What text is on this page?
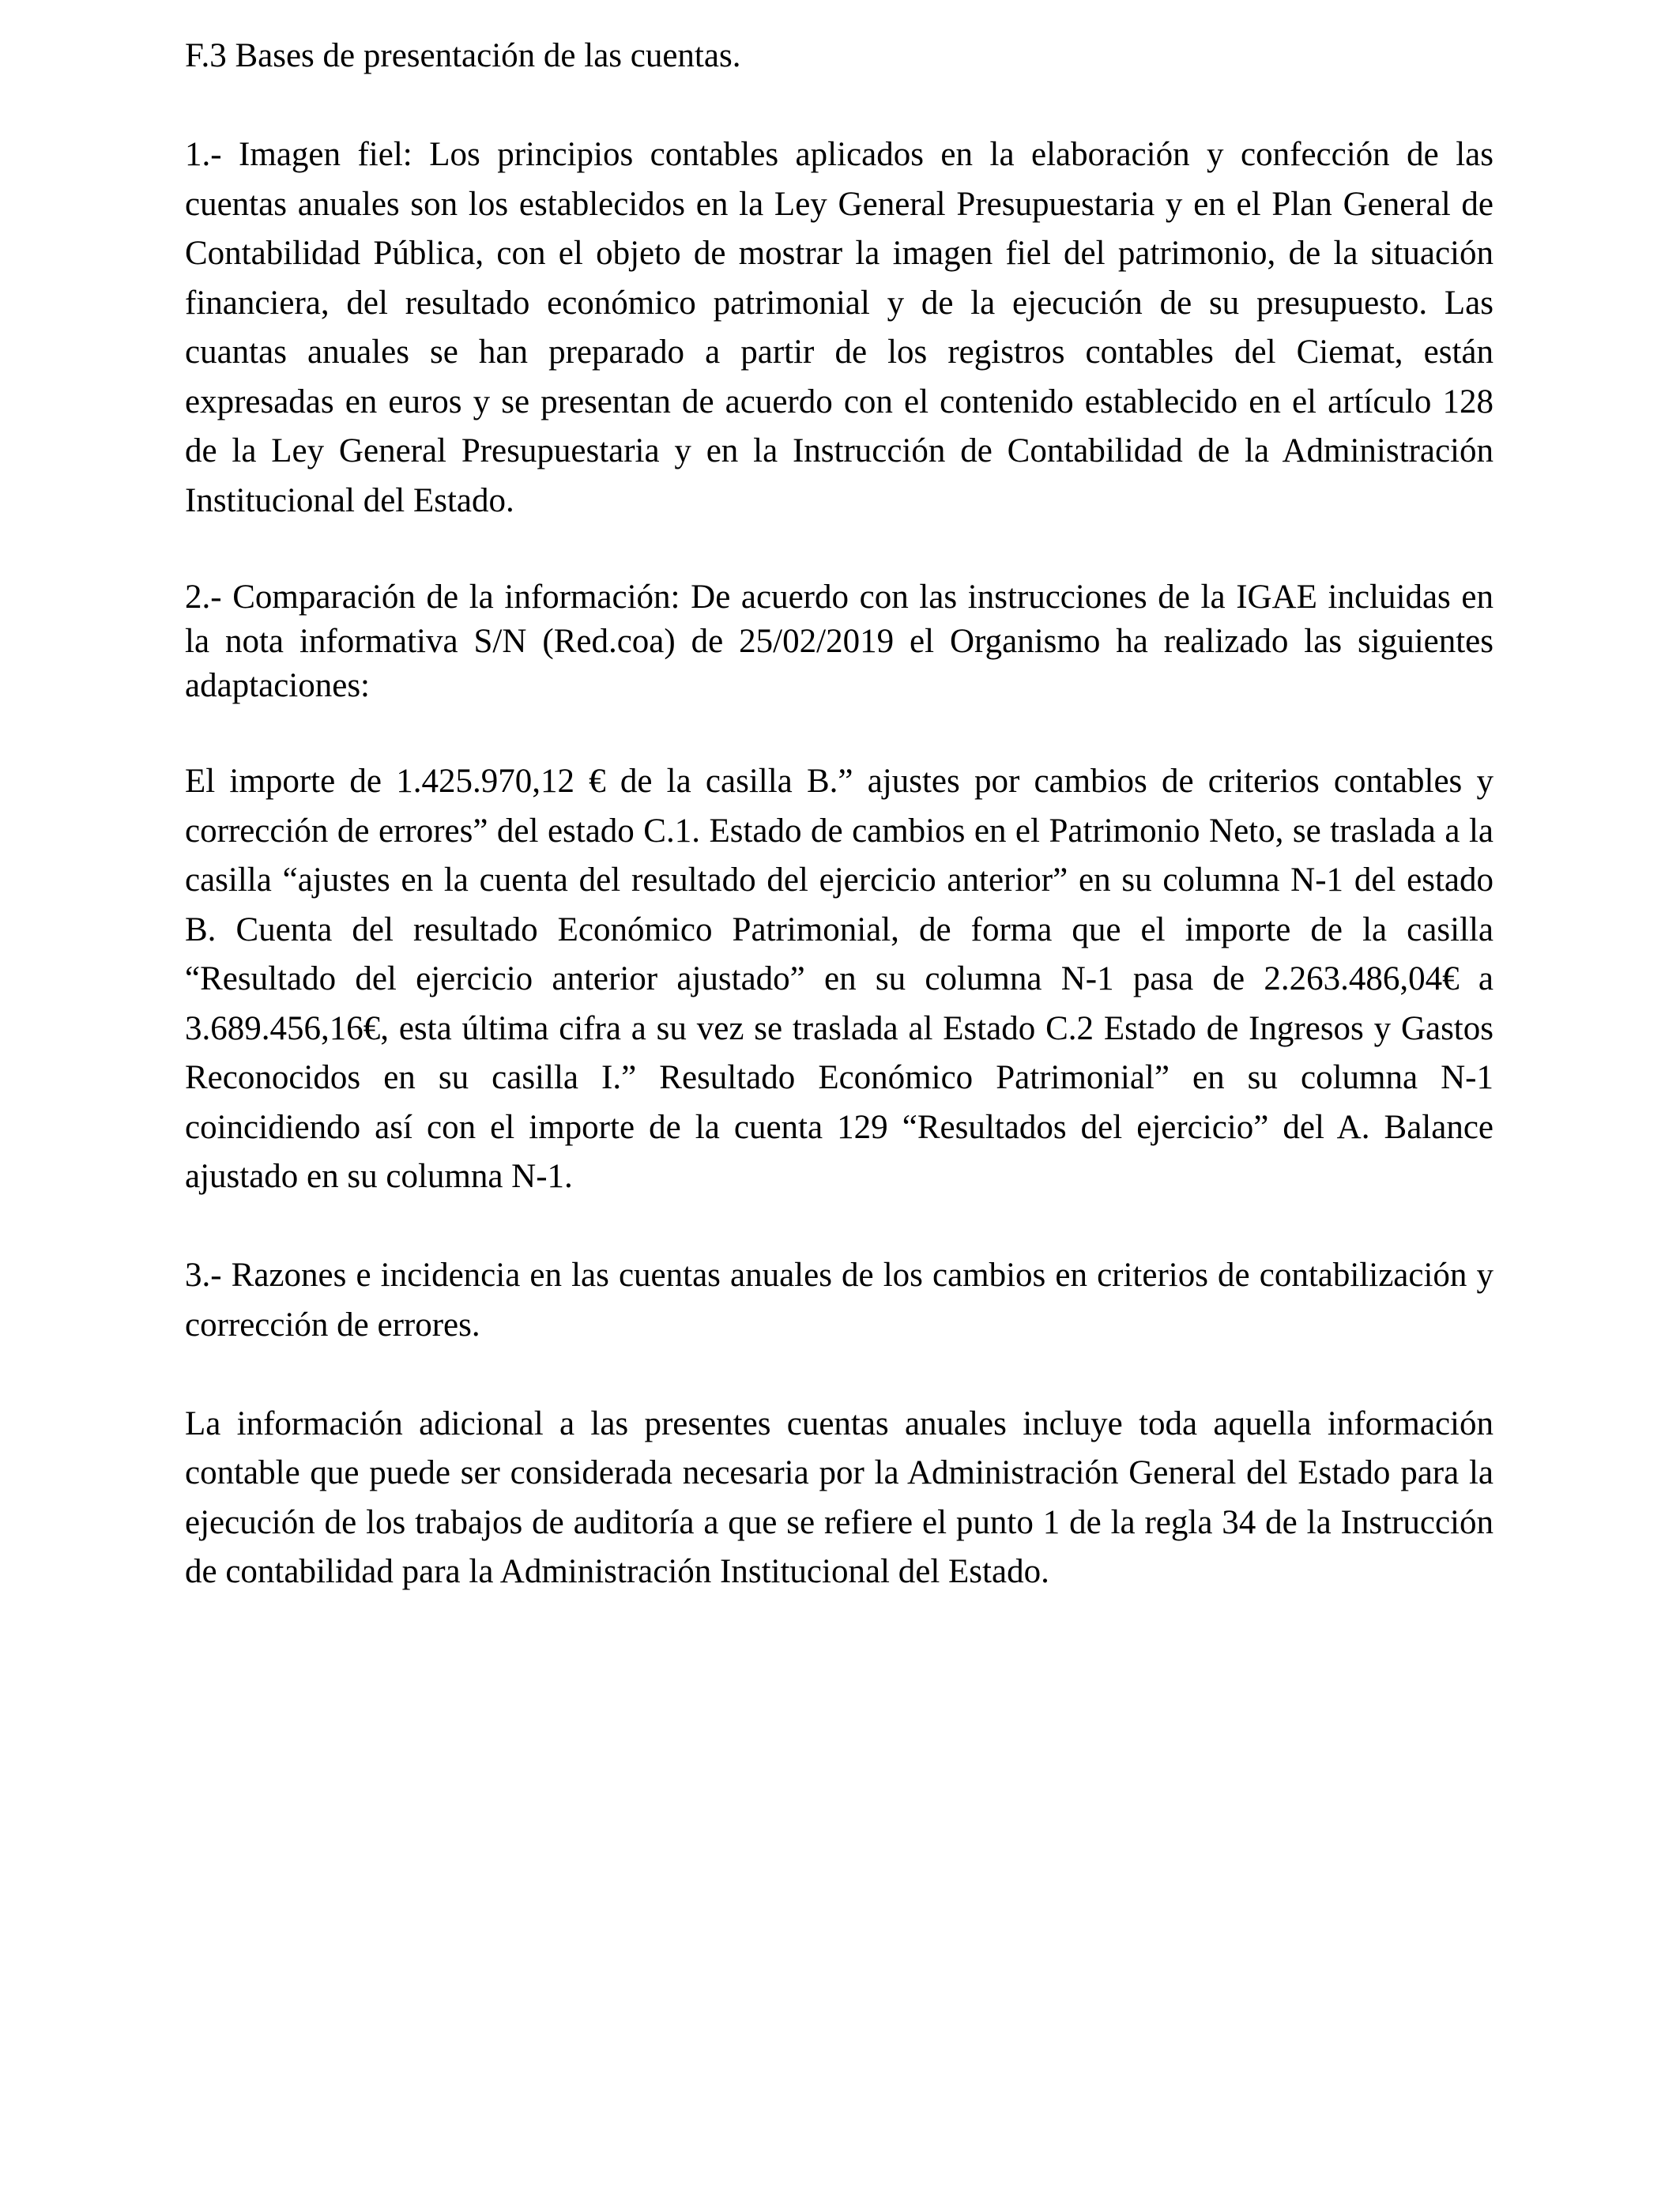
F.3 Bases de presentación de las cuentas.

1.- Imagen fiel: Los principios contables aplicados en la elaboración y confección de las cuentas anuales son los establecidos en la Ley General Presupuestaria y en el Plan General de Contabilidad Pública, con el objeto de mostrar la imagen fiel del patrimonio, de la situación financiera, del resultado económico patrimonial y de la ejecución de su presupuesto. Las cuantas anuales se han preparado a partir de los registros contables del Ciemat, están expresadas en euros y se presentan de acuerdo con el contenido establecido en el artículo 128 de la Ley General Presupuestaria y en la Instrucción de Contabilidad de la Administración Institucional del Estado.

2.- Comparación de la información: De acuerdo con las instrucciones de la IGAE incluidas en la nota informativa S/N (Red.coa) de 25/02/2019 el Organismo ha realizado las siguientes adaptaciones:

El importe de 1.425.970,12 € de la casilla B.” ajustes por cambios de criterios contables y corrección de errores” del estado C.1. Estado de cambios en el Patrimonio Neto, se traslada a la casilla “ajustes en la cuenta del resultado del ejercicio anterior” en su columna N-1 del estado B. Cuenta del resultado Económico Patrimonial, de forma que el importe de la casilla “Resultado del ejercicio anterior ajustado” en su columna N-1 pasa de 2.263.486,04€ a 3.689.456,16€, esta última cifra a su vez se traslada al Estado C.2 Estado de Ingresos y Gastos Reconocidos en su casilla I.” Resultado Económico Patrimonial” en su columna N-1 coincidiendo así con el importe de la cuenta 129 “Resultados del ejercicio” del A. Balance ajustado en su columna N-1.

3.- Razones e incidencia en las cuentas anuales de los cambios en criterios de contabilización y corrección de errores.

La información adicional a las presentes cuentas anuales incluye toda aquella información contable que puede ser considerada necesaria por la Administración General del Estado para la ejecución de los trabajos de auditoría a que se refiere el punto 1 de la regla 34 de la Instrucción de contabilidad para la Administración Institucional del Estado.
